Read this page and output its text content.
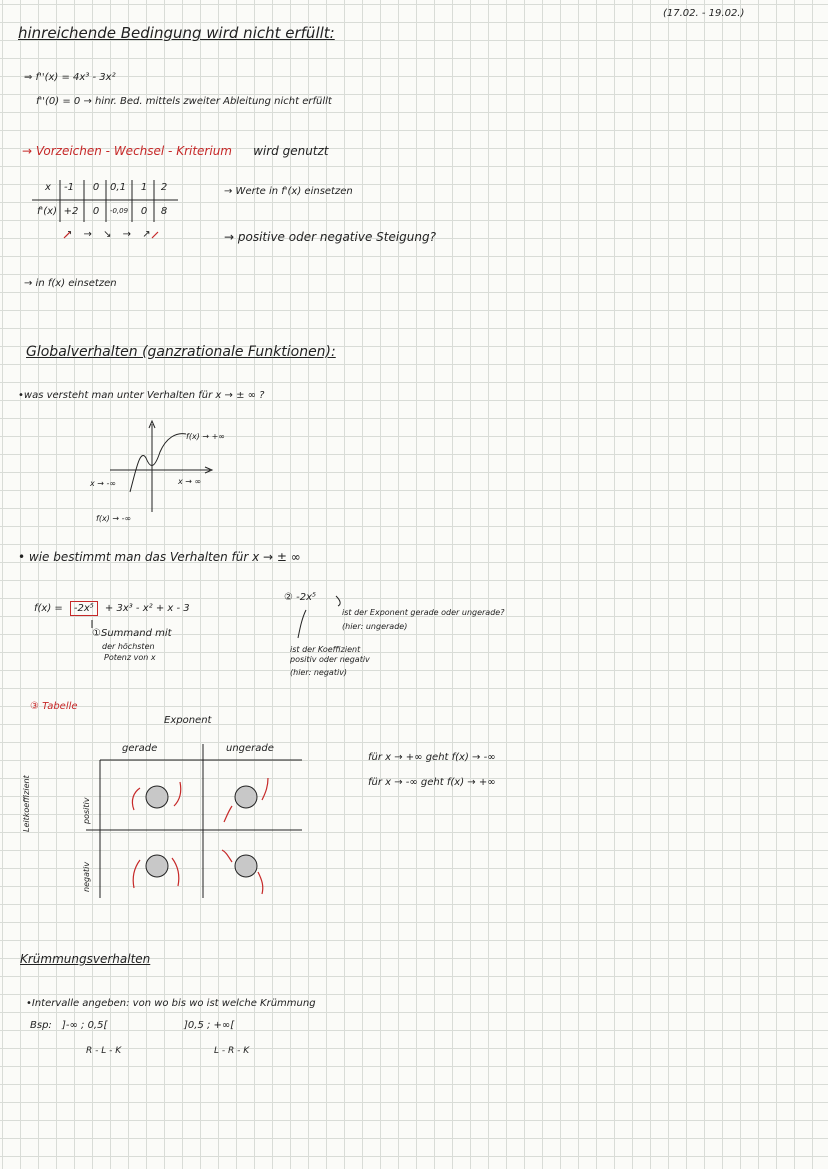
(17.02. - 19.02.)
hinreichende Bedingung wird nicht erfüllt:
⇒ f''(x) = 4x³ - 3x²
f''(0) = 0 → hinr. Bed. mittels zweiter Ableitung nicht erfüllt
→ Vorzeichen - Wechsel - Kriterium wird genutzt
x	-1	0	0,1	1	2
f'(x) +2	0	-0,09	0	8
↗ → ↘ → ↗
→ Werte in f'(x) einsetzen
→ positive oder negative Steigung?
→ in f(x) einsetzen
Globalverhalten (ganzrationale Funktionen):
•was versteht man unter Verhalten für x → ± ∞ ?
f(x) → +∞
x → ∞
x → -∞
f(x) → -∞
• wie bestimmt man das Verhalten für x → ± ∞
f(x) = -2x⁵ + 3x³ - x² + x - 3
①Summand mit
der höchsten
Potenz von x
② -2x⁵
ist der Exponent gerade oder ungerade?
(hier: ungerade)
ist der Koeffizient
positiv oder negativ
(hier: negativ)
③ Tabelle
Exponent
gerade	ungerade
Leitkoeffizient	positiv
negativ
für x → +∞ geht f(x) → -∞
für x → -∞ geht f(x) → +∞
Krümmungsverhalten
•Intervalle angeben: von wo bis wo ist welche Krümmung
Bsp: ]-∞ ; 0,5[	]0,5 ; +∞[
R - L - K	L - R - K
